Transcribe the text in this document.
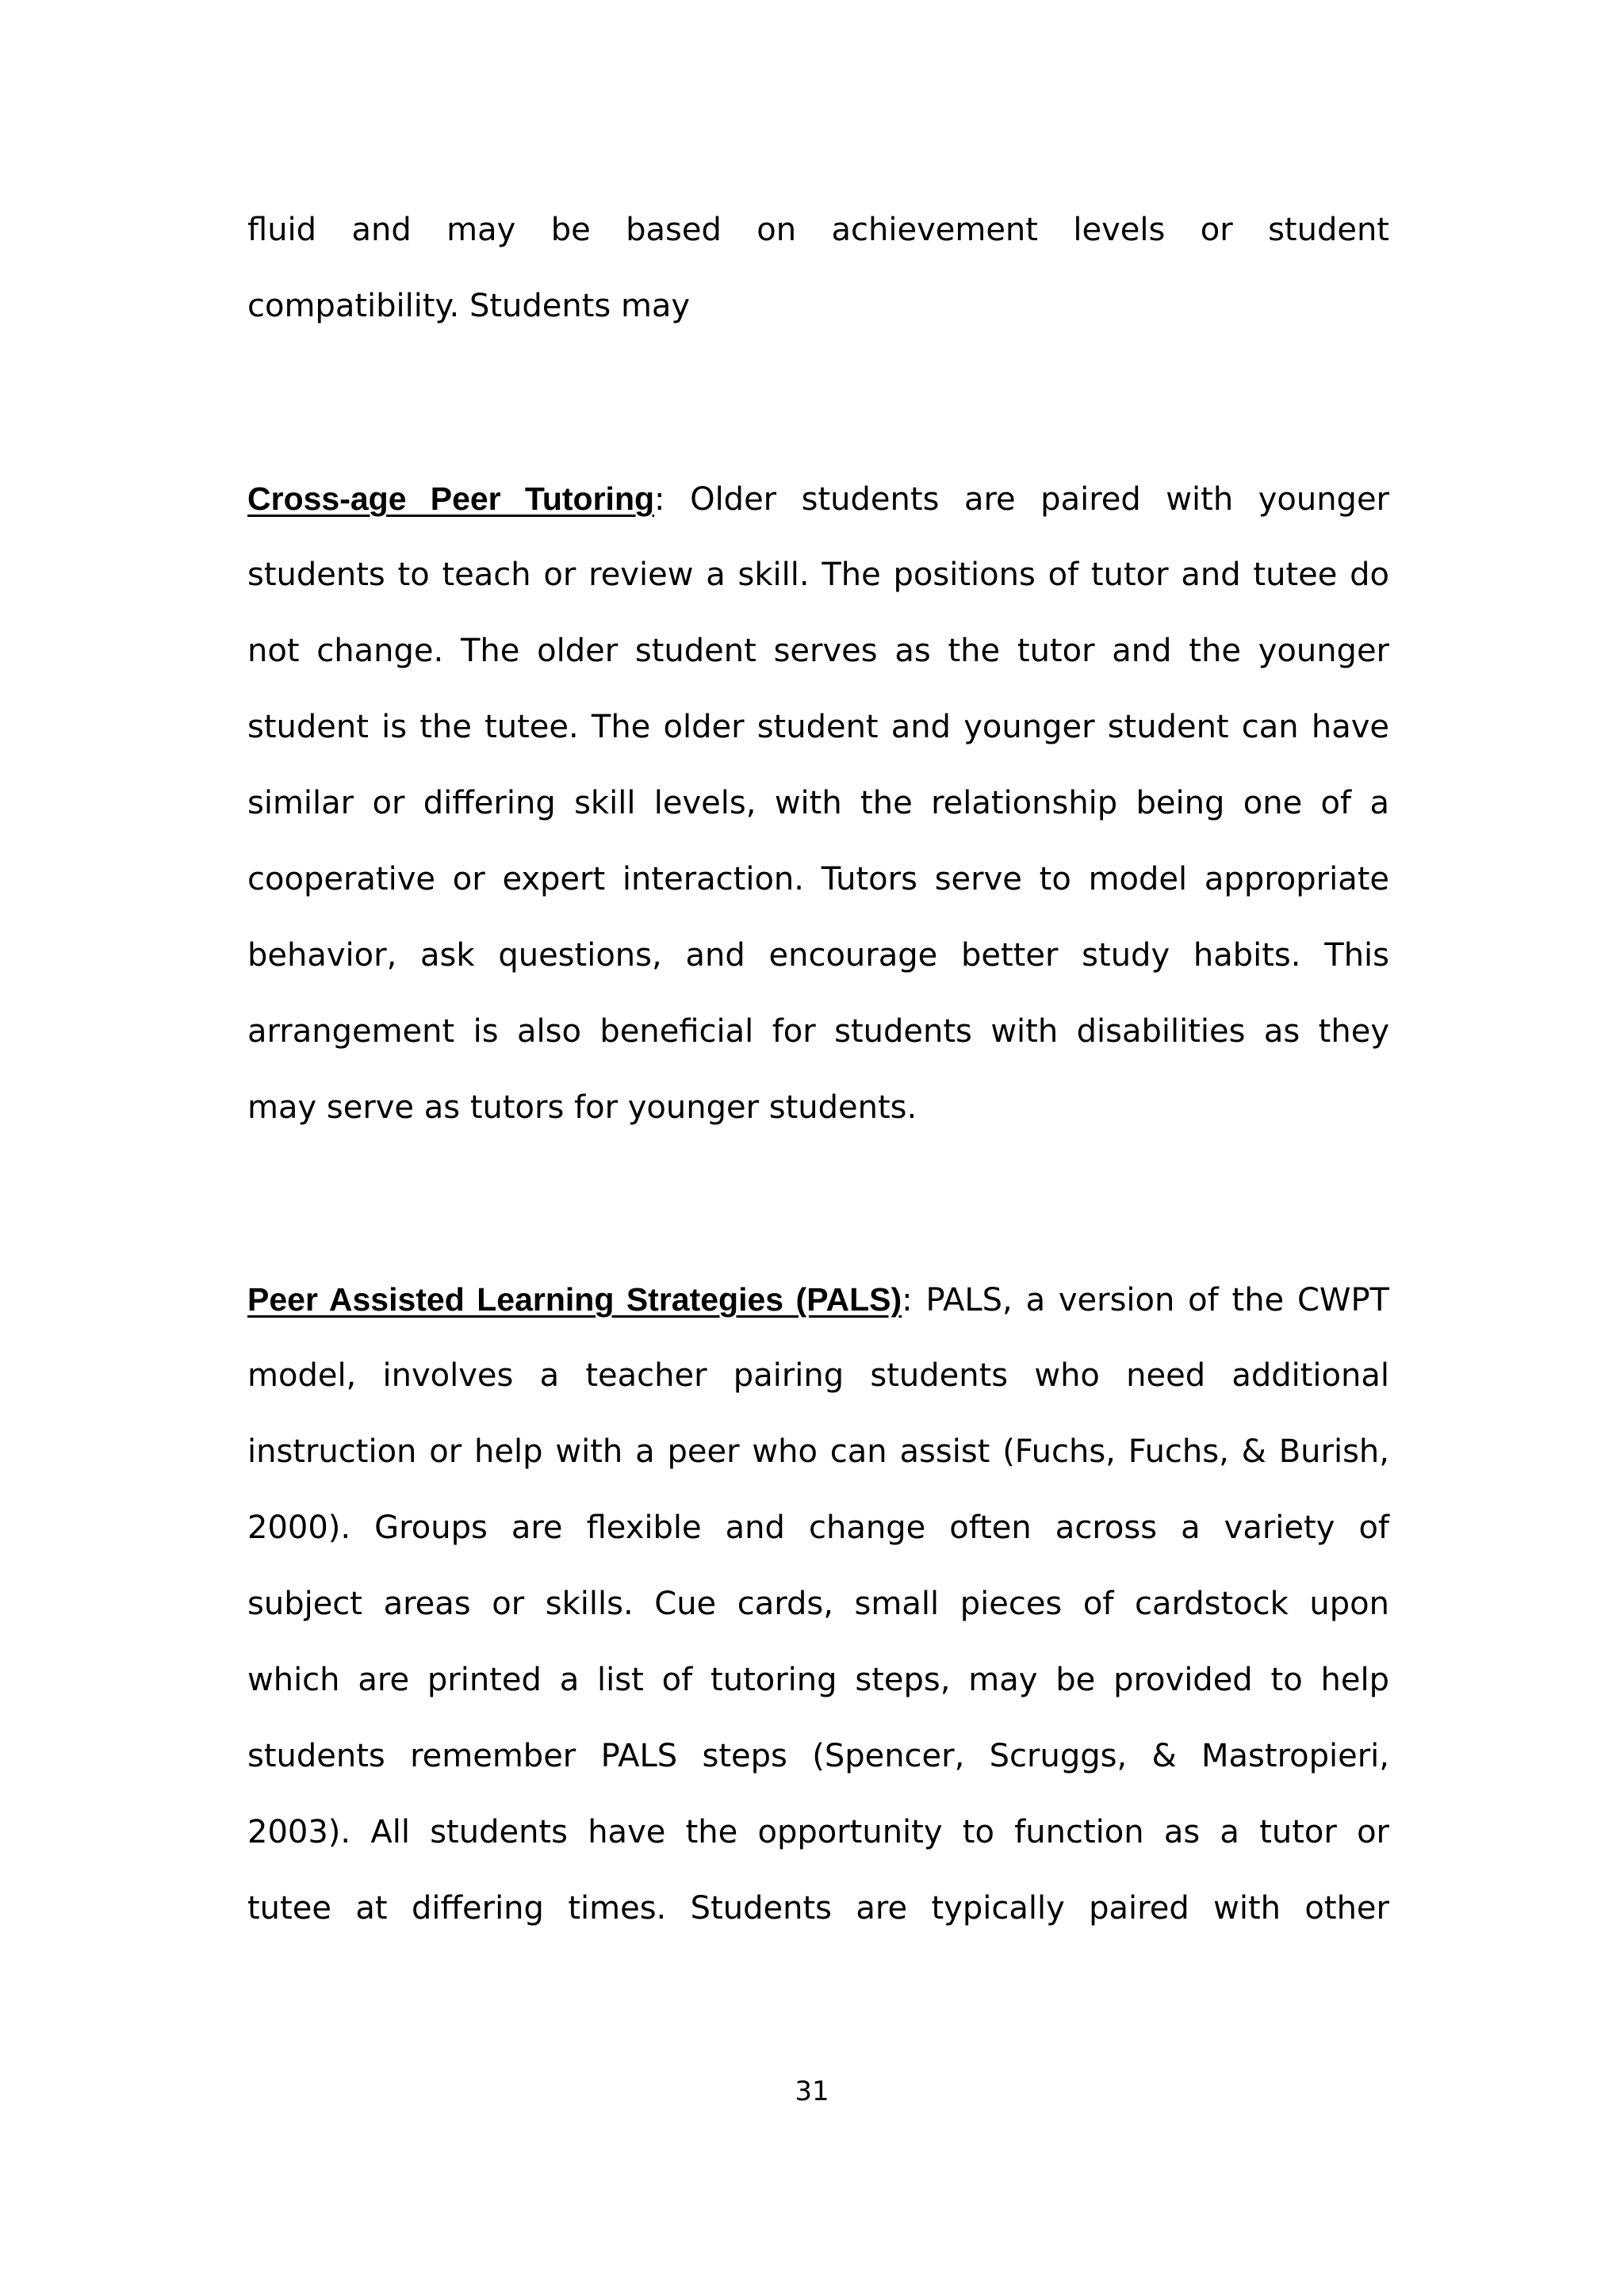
fluid and may be based on achievement levels or student
compatibility. Students may
Cross-age Peer Tutoring: Older students are paired with younger
students to teach or review a skill. The positions of tutor and tutee do
not change. The older student serves as the tutor and the younger
student is the tutee. The older student and younger student can have
similar or differing skill levels, with the relationship being one of a
cooperative or expert interaction. Tutors serve to model appropriate
behavior, ask questions, and encourage better study habits. This
arrangement is also beneficial for students with disabilities as they
may serve as tutors for younger students.
Peer Assisted Learning Strategies (PALS): PALS, a version of the CWPT
model, involves a teacher pairing students who need additional
instruction or help with a peer who can assist (Fuchs, Fuchs, & Burish,
2000). Groups are flexible and change often across a variety of
subject areas or skills. Cue cards, small pieces of cardstock upon
which are printed a list of tutoring steps, may be provided to help
students remember PALS steps (Spencer, Scruggs, & Mastropieri,
2003). All students have the opportunity to function as a tutor or
tutee at differing times. Students are typically paired with other
31
